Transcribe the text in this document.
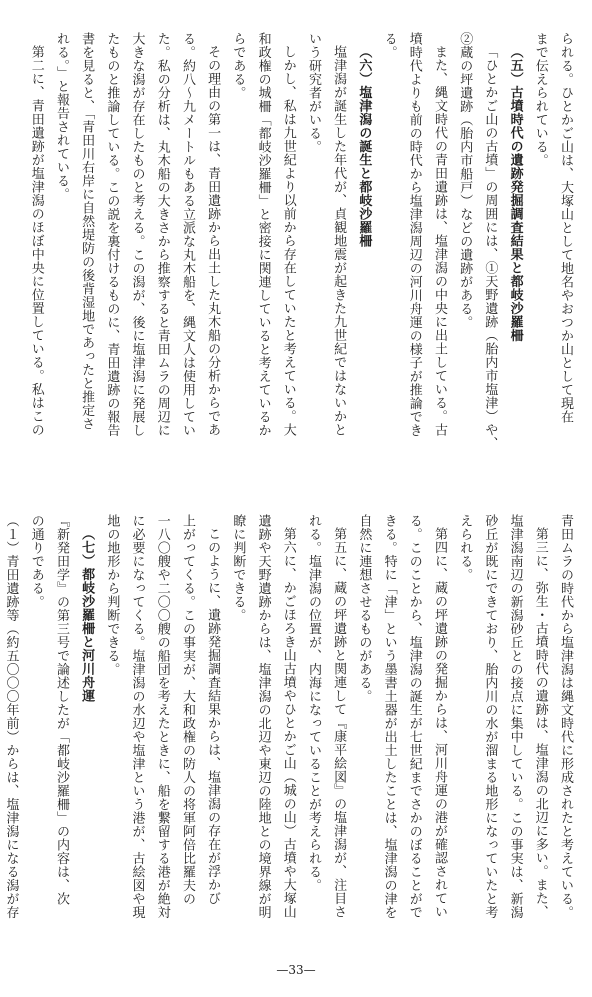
られる。ひとかご山は、大塚山として地名やおつか山として現在

まで伝えられている。

（五）古墳時代の遺跡発掘調査結果と都岐沙羅柵

「ひとかご山の古墳」の周囲には、①天野遺跡（胎内市塩津）や、

②蔵の坪遺跡（胎内市船戸）などの遺跡がある。

また、縄文時代の青田遺跡は、塩津潟の中央に出土している。古

墳時代よりも前の時代から塩津潟周辺の河川舟運の様子が推論でき

る。

（六）塩津潟の誕生と都岐沙羅柵

塩津潟が誕生した年代が、貞観地震が起きた九世紀ではないかと

いう研究者がいる。

しかし、私は九世紀より以前から存在していたと考えている。大

和政権の城柵「都岐沙羅柵」と密接に関連していると考えているか

らである。

その理由の第一は、青田遺跡から出土した丸木船の分析からであ

る。約八〜九メートルもある立派な丸木船を、縄文人は使用してい

た。私の分析は、丸木船の大きさから推察すると青田ムラの周辺に

大きな潟が存在したものと考える。この潟が、後に塩津潟に発展し

たものと推論している。この説を裏付けるものに、青田遺跡の報告

書を見ると、「青田川右岸に自然堤防の後背湿地であったと推定さ

れる。」と報告されている。

第二に、青田遺跡が塩津潟のほぼ中央に位置している。私はこの

青田ムラの時代から塩津潟は縄文時代に形成されたと考えている。

第三に、弥生・古墳時代の遺跡は、塩津潟の北辺に多い。また、

塩津潟南辺の新潟砂丘との接点に集中している。この事実は、新潟

砂丘が既にできており、胎内川の水が溜まる地形になっていたと考

えられる。

第四に、蔵の坪遺跡の発掘からは、河川舟運の港が確認されてい

る。このことから、塩津潟の誕生が七世紀までさかのぼることがで

きる。特に「津」という墨書土器が出土したことは、塩津潟の津を

自然に連想させるものがある。

第五に、蔵の坪遺跡と関連して『康平絵図』の塩津潟が、注目さ

れる。塩津潟の位置が、内海になっていることが考えられる。

第六に、かごほろき山古墳やひとかご山（城の山）古墳や大塚山

遺跡や天野遺跡からは、塩津潟の北辺や東辺の陸地との境界線が明

瞭に判断できる。

このように、遺跡発掘調査結果からは、塩津潟の存在が浮かび

上がってくる。この事実が、大和政権の防人の将軍阿倍比羅夫の

一八〇艘や二〇〇艘の船団を考えたときに、船を繋留する港が絶対

に必要になってくる。塩津潟の水辺や塩津という港が、古絵図や現

地の地形から判断できる。

（七）都岐沙羅柵と河川舟運

『新発田学』の第三号で論述したが「都岐沙羅柵」の内容は、次

の通りである。

（１）青田遺跡等（約五〇〇〇年前）からは、塩津潟になる潟が存

—33—
